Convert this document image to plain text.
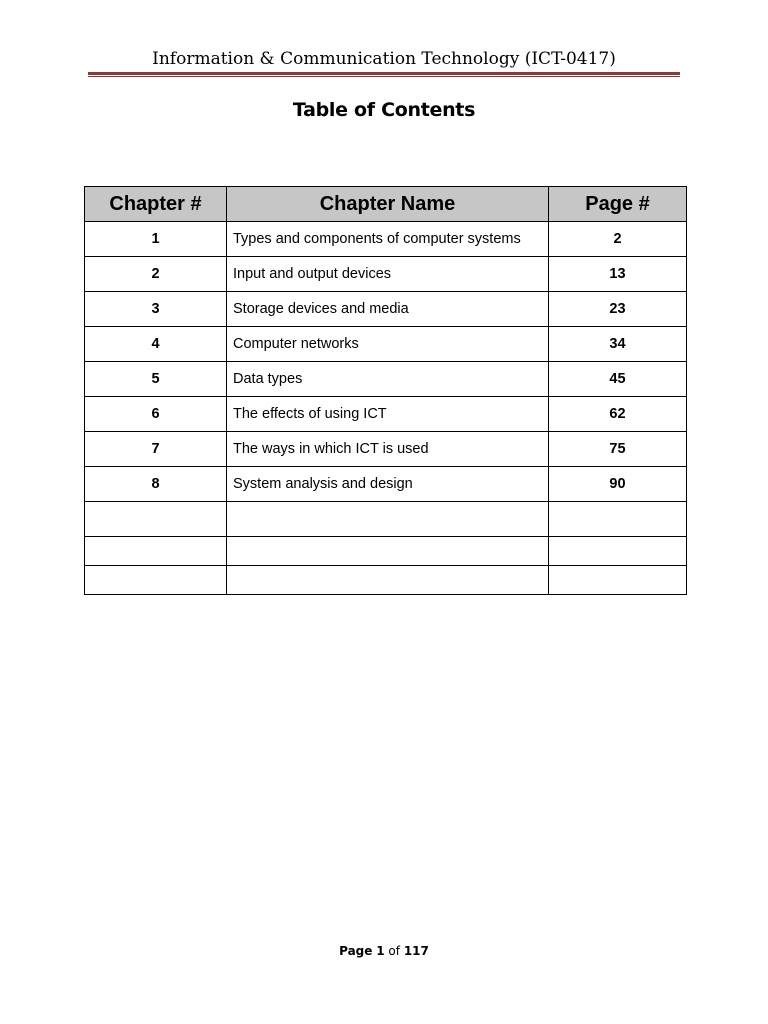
Information & Communication Technology (ICT-0417)
Table of Contents
Chapter #	Chapter Name	Page #
1	Types and components of computer systems	2
2	Input and output devices	13
3	Storage devices and media	23
4	Computer networks	34
5	Data types	45
6	The effects of using ICT	62
7	The ways in which ICT is used	75
8	System analysis and design	90

Page 1 of 117
